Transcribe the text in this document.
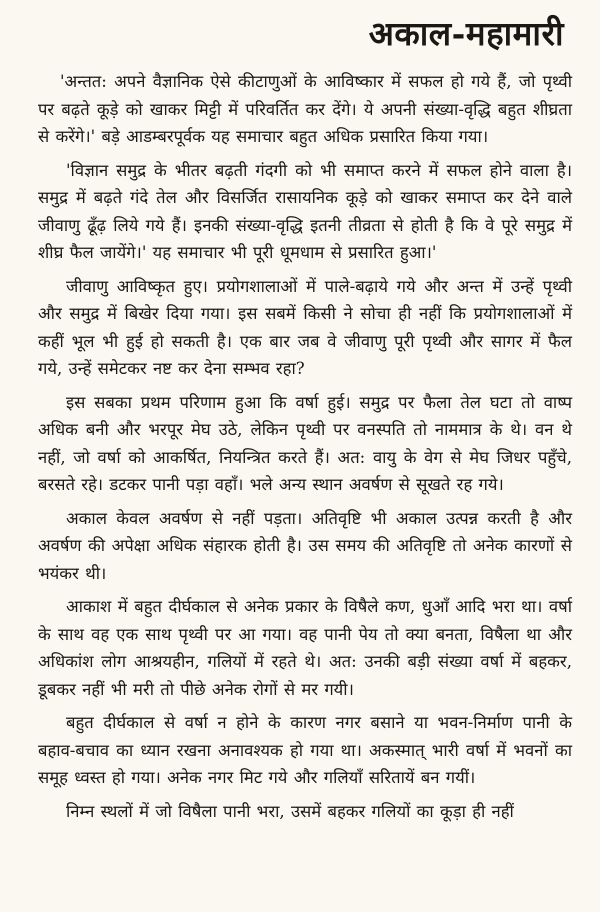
अकाल-महामारी

'अन्तत: अपने वैज्ञानिक ऐसे कीटाणुओं के आविष्कार में सफल हो गये हैं, जो पृथ्वी पर बढ़ते कूड़े को खाकर मिट्टी में परिवर्तित कर देंगे। ये अपनी संख्या-वृद्धि बहुत शीघ्रता से करेंगे।' बड़े आडम्बरपूर्वक यह समाचार बहुत अधिक प्रसारित किया गया।

'विज्ञान समुद्र के भीतर बढ़ती गंदगी को भी समाप्त करने में सफल होने वाला है। समुद्र में बढ़ते गंदे तेल और विसर्जित रासायनिक कूड़े को खाकर समाप्त कर देने वाले जीवाणु ढूँढ़ लिये गये हैं। इनकी संख्या-वृद्धि इतनी तीव्रता से होती है कि वे पूरे समुद्र में शीघ्र फैल जायेंगे।' यह समाचार भी पूरी धूमधाम से प्रसारित हुआ।'

जीवाणु आविष्कृत हुए। प्रयोगशालाओं में पाले-बढ़ाये गये और अन्त में उन्हें पृथ्वी और समुद्र में बिखेर दिया गया। इस सबमें किसी ने सोचा ही नहीं कि प्रयोगशालाओं में कहीं भूल भी हुई हो सकती है। एक बार जब वे जीवाणु पूरी पृथ्वी और सागर में फैल गये, उन्हें समेटकर नष्ट कर देना सम्भव रहा?

इस सबका प्रथम परिणाम हुआ कि वर्षा हुई। समुद्र पर फैला तेल घटा तो वाष्प अधिक बनी और भरपूर मेघ उठे, लेकिन पृथ्वी पर वनस्पति तो नाममात्र के थे। वन थे नहीं, जो वर्षा को आकर्षित, नियन्त्रित करते हैं। अत: वायु के वेग से मेघ जिधर पहुँचे, बरसते रहे। डटकर पानी पड़ा वहाँ। भले अन्य स्थान अवर्षण से सूखते रह गये।

अकाल केवल अवर्षण से नहीं पड़ता। अतिवृष्टि भी अकाल उत्पन्न करती है और अवर्षण की अपेक्षा अधिक संहारक होती है। उस समय की अतिवृष्टि तो अनेक कारणों से भयंकर थी।

आकाश में बहुत दीर्घकाल से अनेक प्रकार के विषैले कण, धुआँ आदि भरा था। वर्षा के साथ वह एक साथ पृथ्वी पर आ गया। वह पानी पेय तो क्या बनता, विषैला था और अधिकांश लोग आश्रयहीन, गलियों में रहते थे। अत: उनकी बड़ी संख्या वर्षा में बहकर, डूबकर नहीं भी मरी तो पीछे अनेक रोगों से मर गयी।

बहुत दीर्घकाल से वर्षा न होने के कारण नगर बसाने या भवन-निर्माण पानी के बहाव-बचाव का ध्यान रखना अनावश्यक हो गया था। अकस्मात् भारी वर्षा में भवनों का समूह ध्वस्त हो गया। अनेक नगर मिट गये और गलियाँ सरितायें बन गयीं।

निम्न स्थलों में जो विषैला पानी भरा, उसमें बहकर गलियों का कूड़ा ही नहीं
